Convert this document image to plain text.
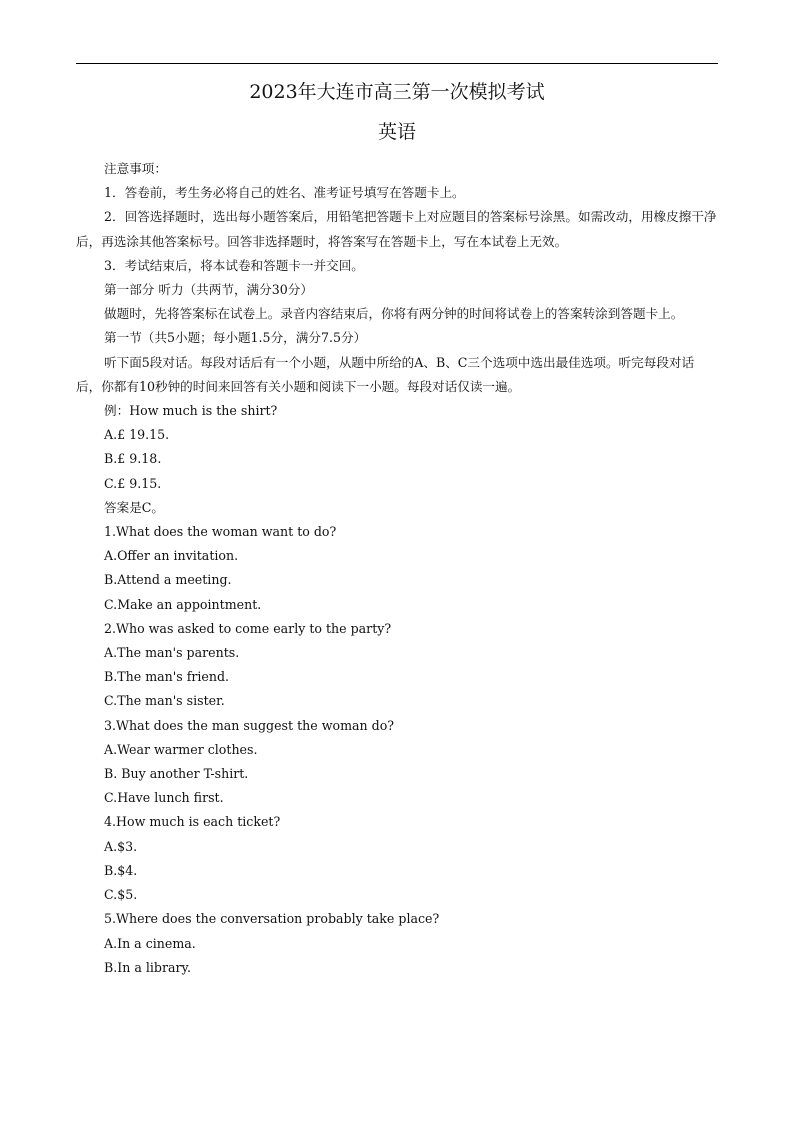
2023年大连市高三第一次模拟考试
英语

注意事项：

1．答卷前，考生务必将自己的姓名、准考证号填写在答题卡上。

2．回答选择题时，选出每小题答案后，用铅笔把答题卡上对应题目的答案标号涂黑。如需改动，用橡皮擦干净后，再选涂其他答案标号。回答非选择题时，将答案写在答题卡上，写在本试卷上无效。

3．考试结束后，将本试卷和答题卡一并交回。

第一部分 听力（共两节，满分30分）

做题时，先将答案标在试卷上。录音内容结束后，你将有两分钟的时间将试卷上的答案转涂到答题卡上。

第一节（共5小题；每小题1.5分，满分7.5分）

听下面5段对话。每段对话后有一个小题，从题中所给的A、B、C三个选项中选出最佳选项。听完每段对话后，你都有10秒钟的时间来回答有关小题和阅读下一小题。每段对话仅读一遍。

例：How much is the shirt?

A.£ 19.15.

B.£ 9.18.

C.£ 9.15.

答案是C。

1.What does the woman want to do?

A.Offer an invitation.

B.Attend a meeting.

C.Make an appointment.

2.Who was asked to come early to the party?

A.The man's parents.

B.The man's friend.

C.The man's sister.

3.What does the man suggest the woman do?

A.Wear warmer clothes.

B. Buy another T-shirt.

C.Have lunch first.

4.How much is each ticket?

A.$3.

B.$4.

C.$5.

5.Where does the conversation probably take place?

A.In a cinema.

B.In a library.
